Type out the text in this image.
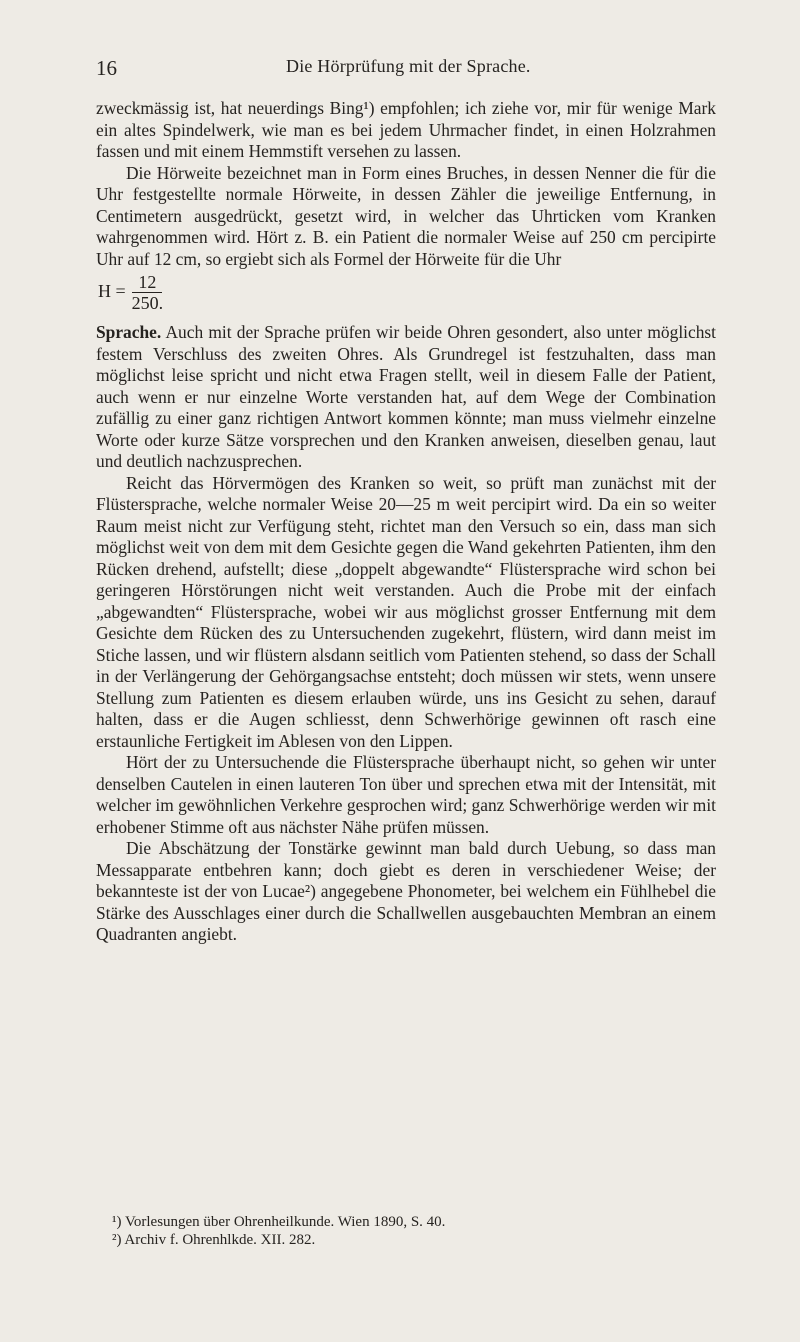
16	Die Hörprüfung mit der Sprache.

zweckmässig ist, hat neuerdings Bing¹) empfohlen; ich ziehe vor, mir für wenige Mark ein altes Spindelwerk, wie man es bei jedem Uhrmacher findet, in einen Holzrahmen fassen und mit einem Hemmstift versehen zu lassen.

Die Hörweite bezeichnet man in Form eines Bruches, in dessen Nenner die für die Uhr festgestellte normale Hörweite, in dessen Zähler die jeweilige Entfernung, in Centimetern ausgedrückt, gesetzt wird, in welcher das Uhrticken vom Kranken wahrgenommen wird. Hört z. B. ein Patient die normaler Weise auf 250 cm percipirte Uhr auf 12 cm, so ergiebt sich als Formel der Hörweite für die Uhr

$H = \frac{12}{250.}$

Sprache. Auch mit der Sprache prüfen wir beide Ohren gesondert, also unter möglichst festem Verschluss des zweiten Ohres. Als Grundregel ist festzuhalten, dass man möglichst leise spricht und nicht etwa Fragen stellt, weil in diesem Falle der Patient, auch wenn er nur einzelne Worte verstanden hat, auf dem Wege der Combination zufällig zu einer ganz richtigen Antwort kommen könnte; man muss vielmehr einzelne Worte oder kurze Sätze vorsprechen und den Kranken anweisen, dieselben genau, laut und deutlich nachzusprechen.

Reicht das Hörvermögen des Kranken so weit, so prüft man zunächst mit der Flüstersprache, welche normaler Weise 20—25 m weit percipirt wird. Da ein so weiter Raum meist nicht zur Verfügung steht, richtet man den Versuch so ein, dass man sich möglichst weit von dem mit dem Gesichte gegen die Wand gekehrten Patienten, ihm den Rücken drehend, aufstellt; diese „doppelt abgewandte“ Flüstersprache wird schon bei geringeren Hörstörungen nicht weit verstanden. Auch die Probe mit der einfach „abgewandten“ Flüstersprache, wobei wir aus möglichst grosser Entfernung mit dem Gesichte dem Rücken des zu Untersuchenden zugekehrt, flüstern, wird dann meist im Stiche lassen, und wir flüstern alsdann seitlich vom Patienten stehend, so dass der Schall in der Verlängerung der Gehörgangsachse entsteht; doch müssen wir stets, wenn unsere Stellung zum Patienten es diesem erlauben würde, uns ins Gesicht zu sehen, darauf halten, dass er die Augen schliesst, denn Schwerhörige gewinnen oft rasch eine erstaunliche Fertigkeit im Ablesen von den Lippen.

Hört der zu Untersuchende die Flüstersprache überhaupt nicht, so gehen wir unter denselben Cautelen in einen lauteren Ton über und sprechen etwa mit der Intensität, mit welcher im gewöhnlichen Verkehre gesprochen wird; ganz Schwerhörige werden wir mit erhobener Stimme oft aus nächster Nähe prüfen müssen.

Die Abschätzung der Tonstärke gewinnt man bald durch Uebung, so dass man Messapparate entbehren kann; doch giebt es deren in verschiedener Weise; der bekannteste ist der von Lucae²) angegebene Phonometer, bei welchem ein Fühlhebel die Stärke des Ausschlages einer durch die Schallwellen ausgebauchten Membran an einem Quadranten angiebt.

¹) Vorlesungen über Ohrenheilkunde. Wien 1890, S. 40.

²) Archiv f. Ohrenhlkde. XII. 282.
